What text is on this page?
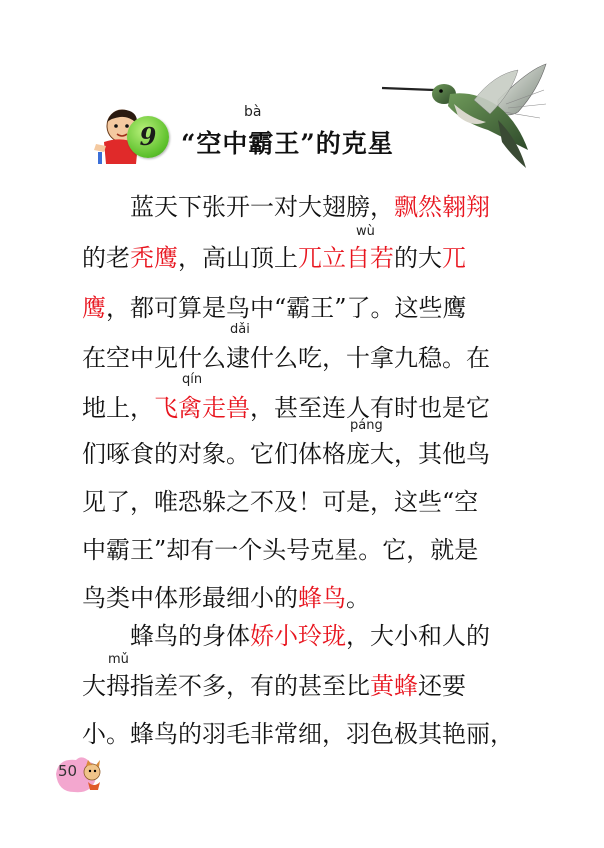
9
bà
“空中霸王”的克星
蓝天下张开一对大翅膀，飘然翱翔
wù
的老秃鹰，高山顶上兀立自若的大兀
鹰，都可算是鸟中“霸王”了。这些鹰
dǎi
在空中见什么逮什么吃，十拿九稳。在
qín
地上，飞禽走兽，甚至连人有时也是它
páng
们啄食的对象。它们体格庞大，其他鸟
见了，唯恐躲之不及！可是，这些“空
中霸王”却有一个头号克星。它，就是
鸟类中体形最细小的蜂鸟。
蜂鸟的身体娇小玲珑，大小和人的
mǔ
大拇指差不多，有的甚至比黄蜂还要
小。蜂鸟的羽毛非常细，羽色极其艳丽，
50
